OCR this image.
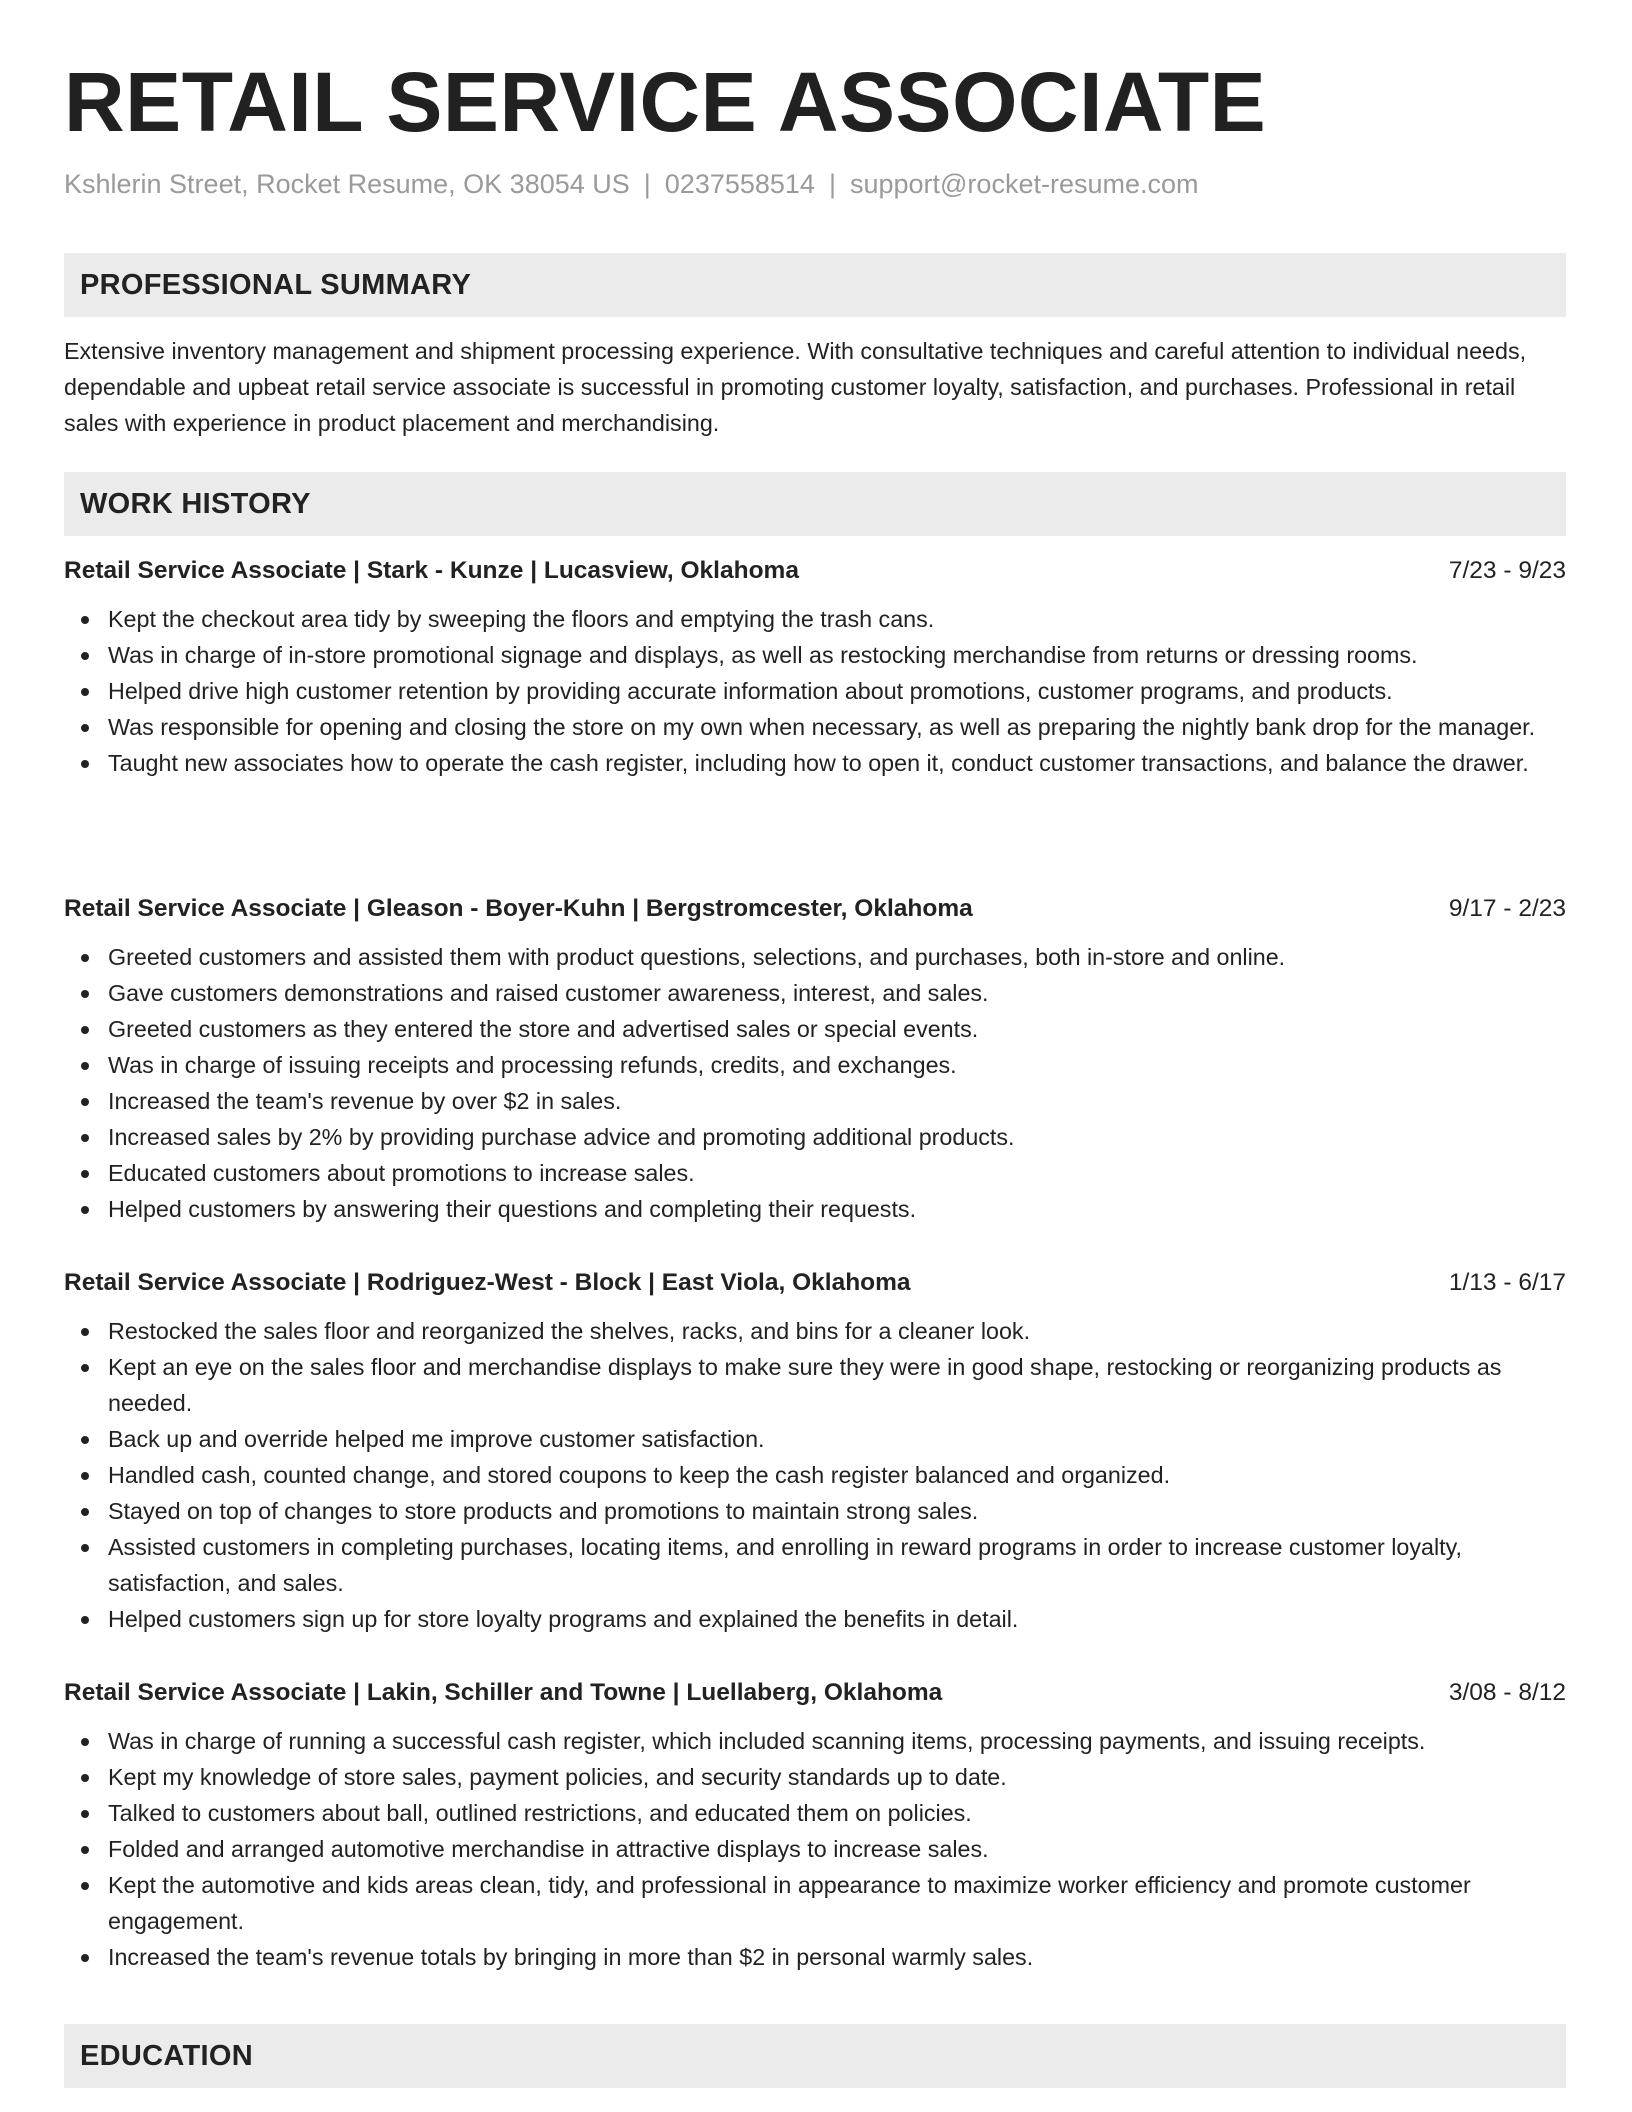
RETAIL SERVICE ASSOCIATE
Kshlerin Street, Rocket Resume, OK 38054 US | 0237558514 | support@rocket-resume.com
PROFESSIONAL SUMMARY

Extensive inventory management and shipment processing experience. With consultative techniques and careful attention to individual needs, dependable and upbeat retail service associate is successful in promoting customer loyalty, satisfaction, and purchases. Professional in retail sales with experience in product placement and merchandising.

WORK HISTORY
Retail Service Associate | Stark - Kunze | Lucasview, Oklahoma	7/23 - 9/23
Kept the checkout area tidy by sweeping the floors and emptying the trash cans.
Was in charge of in-store promotional signage and displays, as well as restocking merchandise from returns or dressing rooms.
Helped drive high customer retention by providing accurate information about promotions, customer programs, and products.
Was responsible for opening and closing the store on my own when necessary, as well as preparing the nightly bank drop for the manager.
Taught new associates how to operate the cash register, including how to open it, conduct customer transactions, and balance the drawer.
Retail Service Associate | Gleason - Boyer-Kuhn | Bergstromcester, Oklahoma	9/17 - 2/23
Greeted customers and assisted them with product questions, selections, and purchases, both in-store and online.
Gave customers demonstrations and raised customer awareness, interest, and sales.
Greeted customers as they entered the store and advertised sales or special events.
Was in charge of issuing receipts and processing refunds, credits, and exchanges.
Increased the team's revenue by over $2 in sales.
Increased sales by 2% by providing purchase advice and promoting additional products.
Educated customers about promotions to increase sales.
Helped customers by answering their questions and completing their requests.
Retail Service Associate | Rodriguez-West - Block | East Viola, Oklahoma	1/13 - 6/17
Restocked the sales floor and reorganized the shelves, racks, and bins for a cleaner look.
Kept an eye on the sales floor and merchandise displays to make sure they were in good shape, restocking or reorganizing products as needed.
Back up and override helped me improve customer satisfaction.
Handled cash, counted change, and stored coupons to keep the cash register balanced and organized.
Stayed on top of changes to store products and promotions to maintain strong sales.
Assisted customers in completing purchases, locating items, and enrolling in reward programs in order to increase customer loyalty, satisfaction, and sales.
Helped customers sign up for store loyalty programs and explained the benefits in detail.
Retail Service Associate | Lakin, Schiller and Towne | Luellaberg, Oklahoma	3/08 - 8/12
Was in charge of running a successful cash register, which included scanning items, processing payments, and issuing receipts.
Kept my knowledge of store sales, payment policies, and security standards up to date.
Talked to customers about ball, outlined restrictions, and educated them on policies.
Folded and arranged automotive merchandise in attractive displays to increase sales.
Kept the automotive and kids areas clean, tidy, and professional in appearance to maximize worker efficiency and promote customer engagement.
Increased the team's revenue totals by bringing in more than $2 in personal warmly sales.
EDUCATION
